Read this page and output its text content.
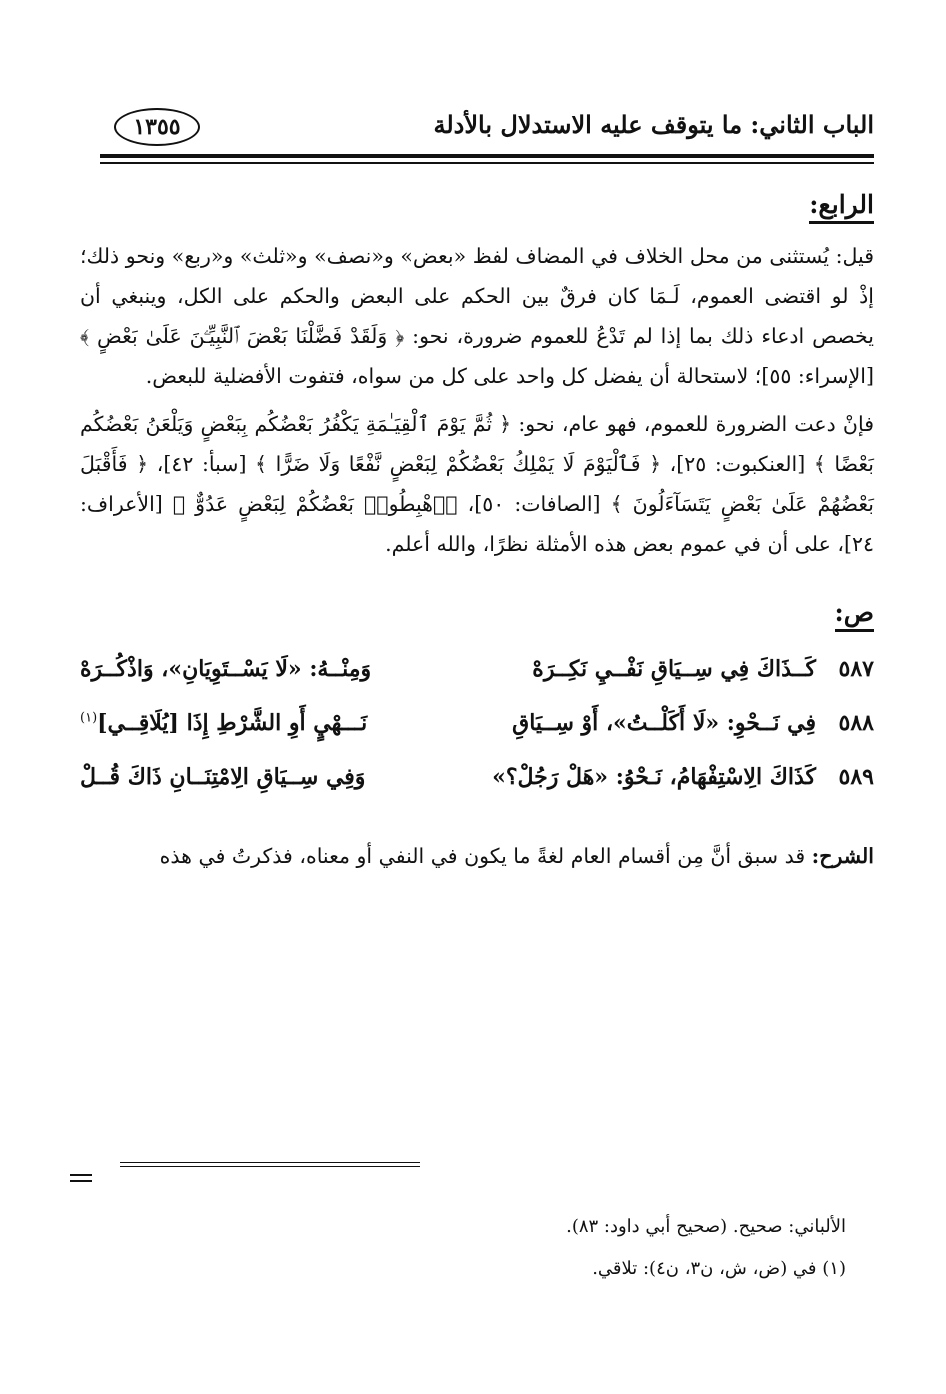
الباب الثاني: ما يتوقف عليه الاستدلال بالأدلة
١٣٥٥
الرابع:

قيل: يُستثنى من محل الخلاف في المضاف لفظ «بعض» و«نصف» و«ثلث» و«ربع» ونحو ذلك؛ إذْ لو اقتضى العموم، لَـمَا كان فرقٌ بين الحكم على البعض والحكم على الكل، وينبغي أن يخصص ادعاء ذلك بما إذا لم تَدْعُ للعموم ضرورة، نحو: ﴿ وَلَقَدْ فَضَّلْنَا بَعْضَ ٱلنَّبِيِّـۧنَ عَلَىٰ بَعْضٍ ﴾ [الإسراء: ٥٥]؛ لاستحالة أن يفضل كل واحد على كل من سواه، فتفوت الأفضلية للبعض.

فإنْ دعت الضرورة للعموم، فهو عام، نحو: ﴿ ثُمَّ يَوْمَ ٱلْقِيَـٰمَةِ يَكْفُرُ بَعْضُكُم بِبَعْضٍ وَيَلْعَنُ بَعْضُكُم بَعْضًا ﴾ [العنكبوت: ٢٥]، ﴿ فَٱلْيَوْمَ لَا يَمْلِكُ بَعْضُكُمْ لِبَعْضٍ نَّفْعًا وَلَا ضَرًّا ﴾ [سبأ: ٤٢]، ﴿ فَأَقْبَلَ بَعْضُهُمْ عَلَىٰ بَعْضٍ يَتَسَآءَلُونَ ﴾ [الصافات: ٥٠]، ﴿ٱهْبِطُوا۟ بَعْضُكُمْ لِبَعْضٍ عَدُوٌّ ﴾ [الأعراف: ٢٤]، على أن في عموم بعض هذه الأمثلة نظرًا، والله أعلم.

ص:
٥٨٧
كَــذَاكَ فِي سِــيَاقِ نَفْــيِ نَكِــرَهْ
وَمِنْــهُ: «لَا يَسْــتَوِيَانِ»، وَاذْكُــرَهْ
٥٨٨
فِي نَــحْوِ: «لَا أَكَلْــتُ»، أَوْ سِــيَاقِ
نَـــهْيٍ أَوِ الشَّرْطِ إِذَا [يُلَاقِــي]$^{(١)}$
٥٨٩
كَذَاكَ الِاسْتِفْهَامُ، نَـحْوُ: «هَلْ رَجُلْ؟»
وَفِي سِــيَاقِ الِامْتِنَــانِ ذَاكَ قُــلْ
الشرح: قد سبق أنَّ مِن أقسام العام لغةً ما يكون في النفي أو معناه، فذكرتُ في هذه
الألباني: صحيح. (صحيح أبي داود: ٨٣).
(١) في (ض، ش، ن٣، ن٤): تلاقي.
